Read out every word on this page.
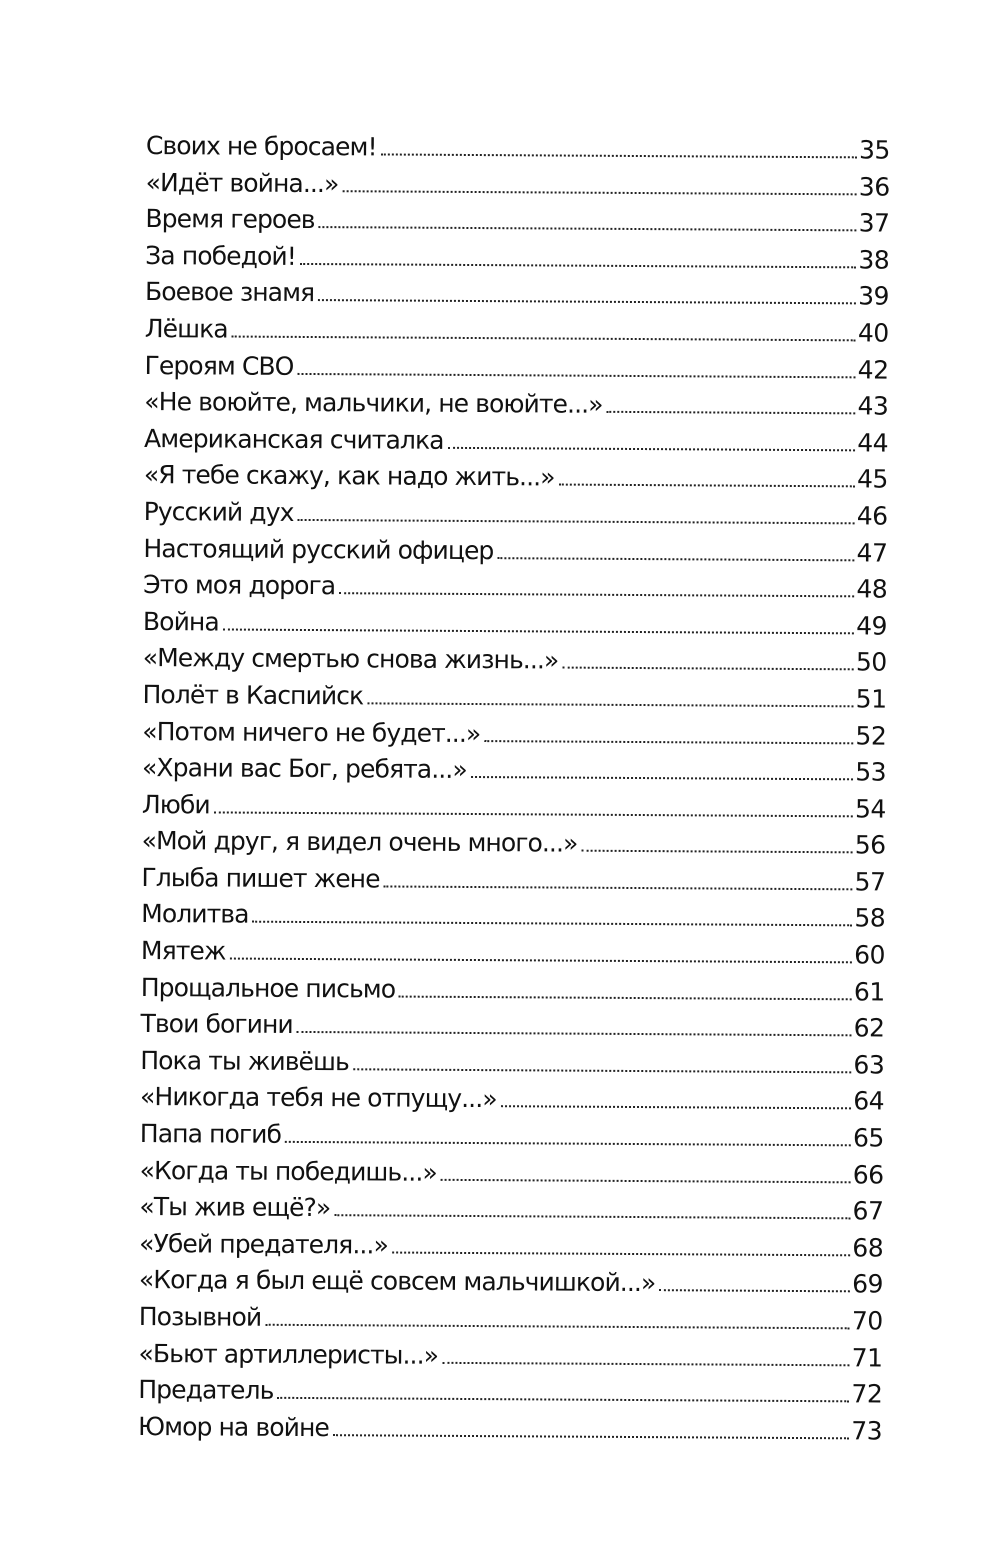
Своих не бросаем!	35
«Идёт война...»	36
Время героев	37
За победой!	38
Боевое знамя	39
Лёшка	40
Героям СВО	42
«Не воюйте, мальчики, не воюйте...»	43
Американская считалка	44
«Я тебе скажу, как надо жить...»	45
Русский дух	46
Настоящий русский офицер	47
Это моя дорога	48
Война	49
«Между смертью снова жизнь...»	50
Полёт в Каспийск	51
«Потом ничего не будет...»	52
«Храни вас Бог, ребята...»	53
Люби	54
«Мой друг, я видел очень много...»	56
Глыба пишет жене	57
Молитва	58
Мятеж	60
Прощальное письмо	61
Твои богини	62
Пока ты живёшь	63
«Никогда тебя не отпущу...»	64
Папа погиб	65
«Когда ты победишь...»	66
«Ты жив ещё?»	67
«Убей предателя...»	68
«Когда я был ещё совсем мальчишкой...»	69
Позывной	70
«Бьют артиллеристы...»	71
Предатель	72
Юмор на войне	73
